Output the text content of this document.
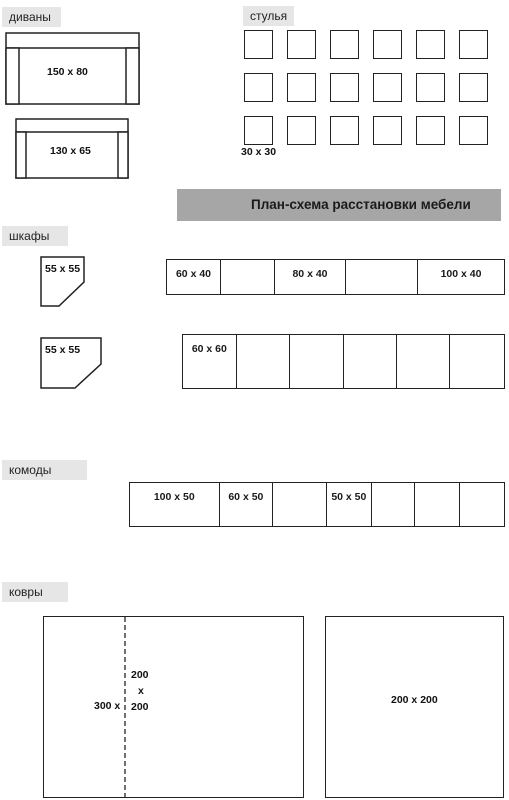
диваны	стулья
шкафы
комоды
ковры
150 x 80
130 x 65	30 x 30
План-схема расстановки мебели
55 x 55
55 x 55
60 x 40	80 x 40	100 x 40
60 x 60
100 x 50	60 x 50	50 x 50
300 x
200
x
200
200 x 200
